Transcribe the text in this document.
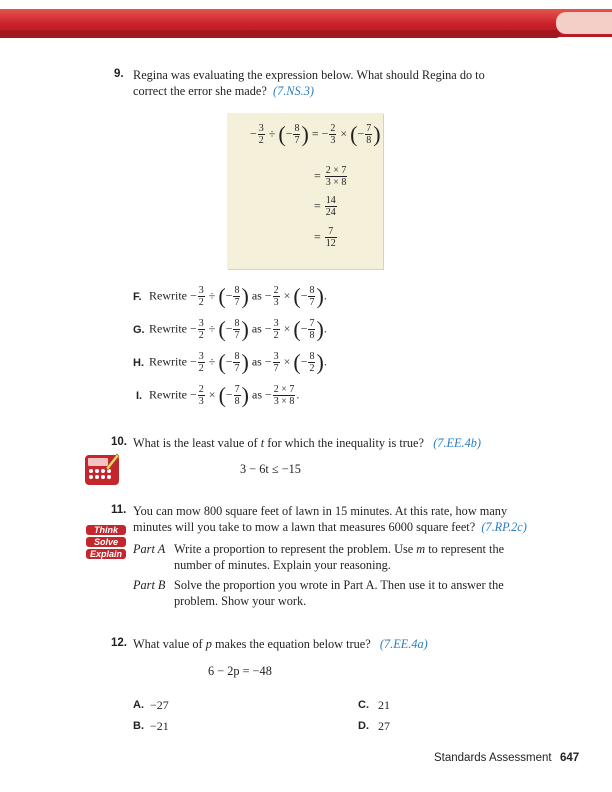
9. Regina was evaluating the expression below. What should Regina do to
correct the error she made? (7.NS.3)
− $\frac{3}{2}$ ÷ (− $\frac{8}{7}$ ) = − $\frac{2}{3}$ × (− $\frac{7}{8}$ )
= $\frac{2 \times 7}{3 \times 8}$
= $\frac{14}{24}$
= $\frac{7}{12}$
F. Rewrite − $\frac{3}{2}$ ÷ (− $\frac{8}{7}$ ) as − $\frac{2}{3}$ × (− $\frac{8}{7}$ ).
G. Rewrite − $\frac{3}{2}$ ÷ (− $\frac{8}{7}$ ) as − $\frac{3}{2}$ × (− $\frac{7}{8}$ ).
H. Rewrite − $\frac{3}{2}$ ÷ (− $\frac{8}{7}$ ) as − $\frac{3}{7}$ × (− $\frac{8}{2}$ ).
I. Rewrite − $\frac{2}{3}$ × (− $\frac{7}{8}$ ) as − $\frac{2 \times 7}{3 \times 8}$ .
10. What is the least value of t for which the inequality is true? (7.EE.4b)
3 − 6t ≤ −15
11. You can mow 800 square feet of lawn in 15 minutes. At this rate, how many
minutes will you take to mow a lawn that measures 6000 square feet? (7.RP.2c)
Think
Solve
Explain Part A Write a proportion to represent the problem. Use m to represent the
number of minutes. Explain your reasoning.
Part B Solve the proportion you wrote in Part A. Then use it to answer the
problem. Show your work.
12. What value of p makes the equation below true? (7.EE.4a)
6 − 2p = −48
A. −27
B. −21
C. 21
D. 27
Standards Assessment 647
